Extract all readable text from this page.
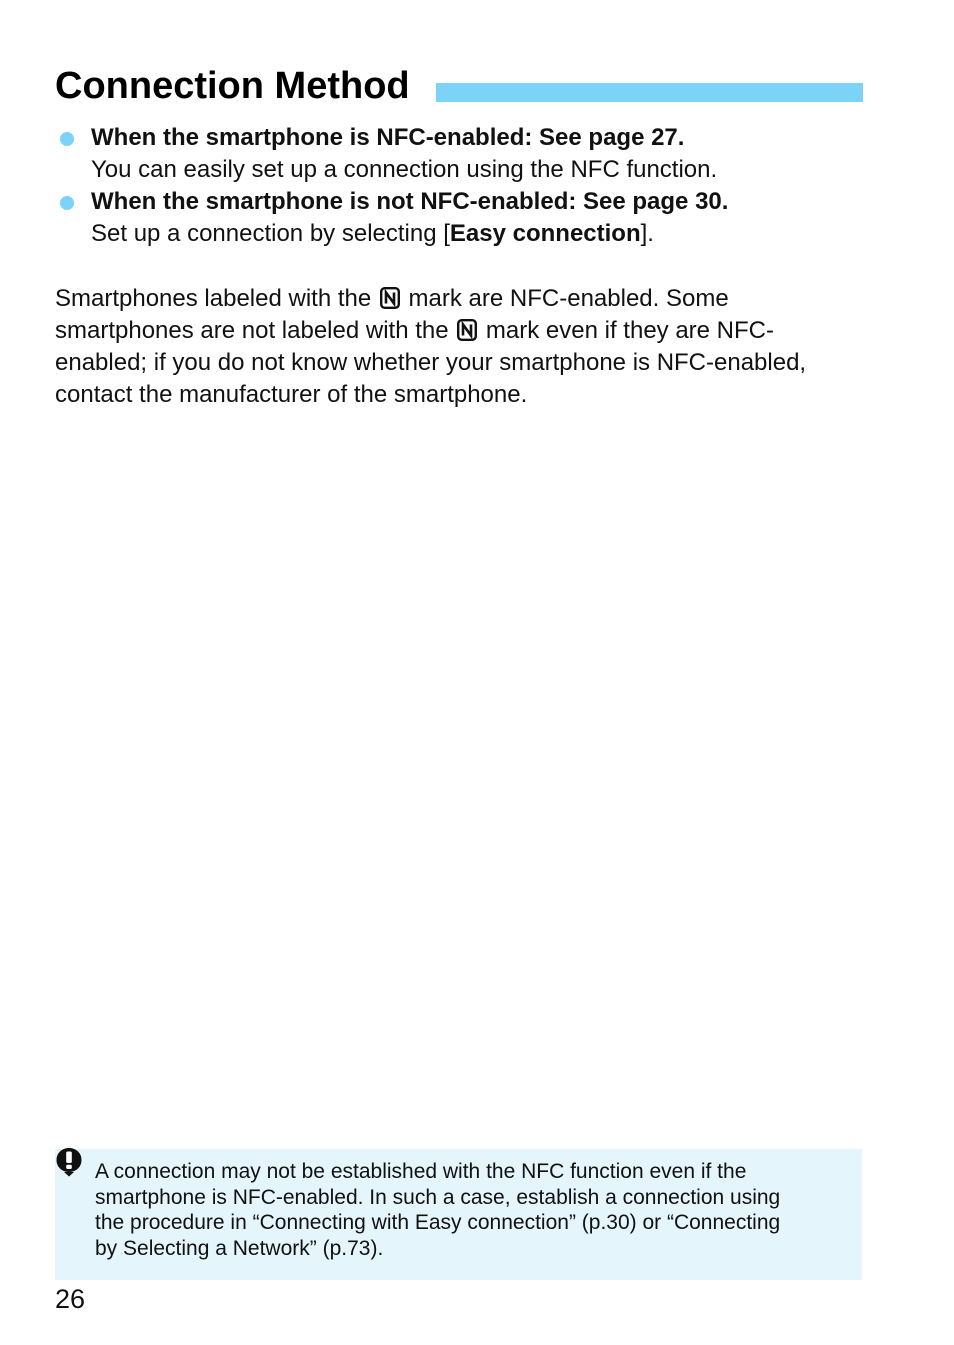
Connection Method
When the smartphone is NFC-enabled: See page 27.
You can easily set up a connection using the NFC function.
When the smartphone is not NFC-enabled: See page 30.
Set up a connection by selecting [Easy connection].

Smartphones labeled with the  mark are NFC-enabled. Some
smartphones are not labeled with the  mark even if they are NFC-
enabled; if you do not know whether your smartphone is NFC-enabled,
contact the manufacturer of the smartphone.

A connection may not be established with the NFC function even if the
smartphone is NFC-enabled. In such a case, establish a connection using
the procedure in “Connecting with Easy connection” (p.30) or “Connecting
by Selecting a Network” (p.73).

26
